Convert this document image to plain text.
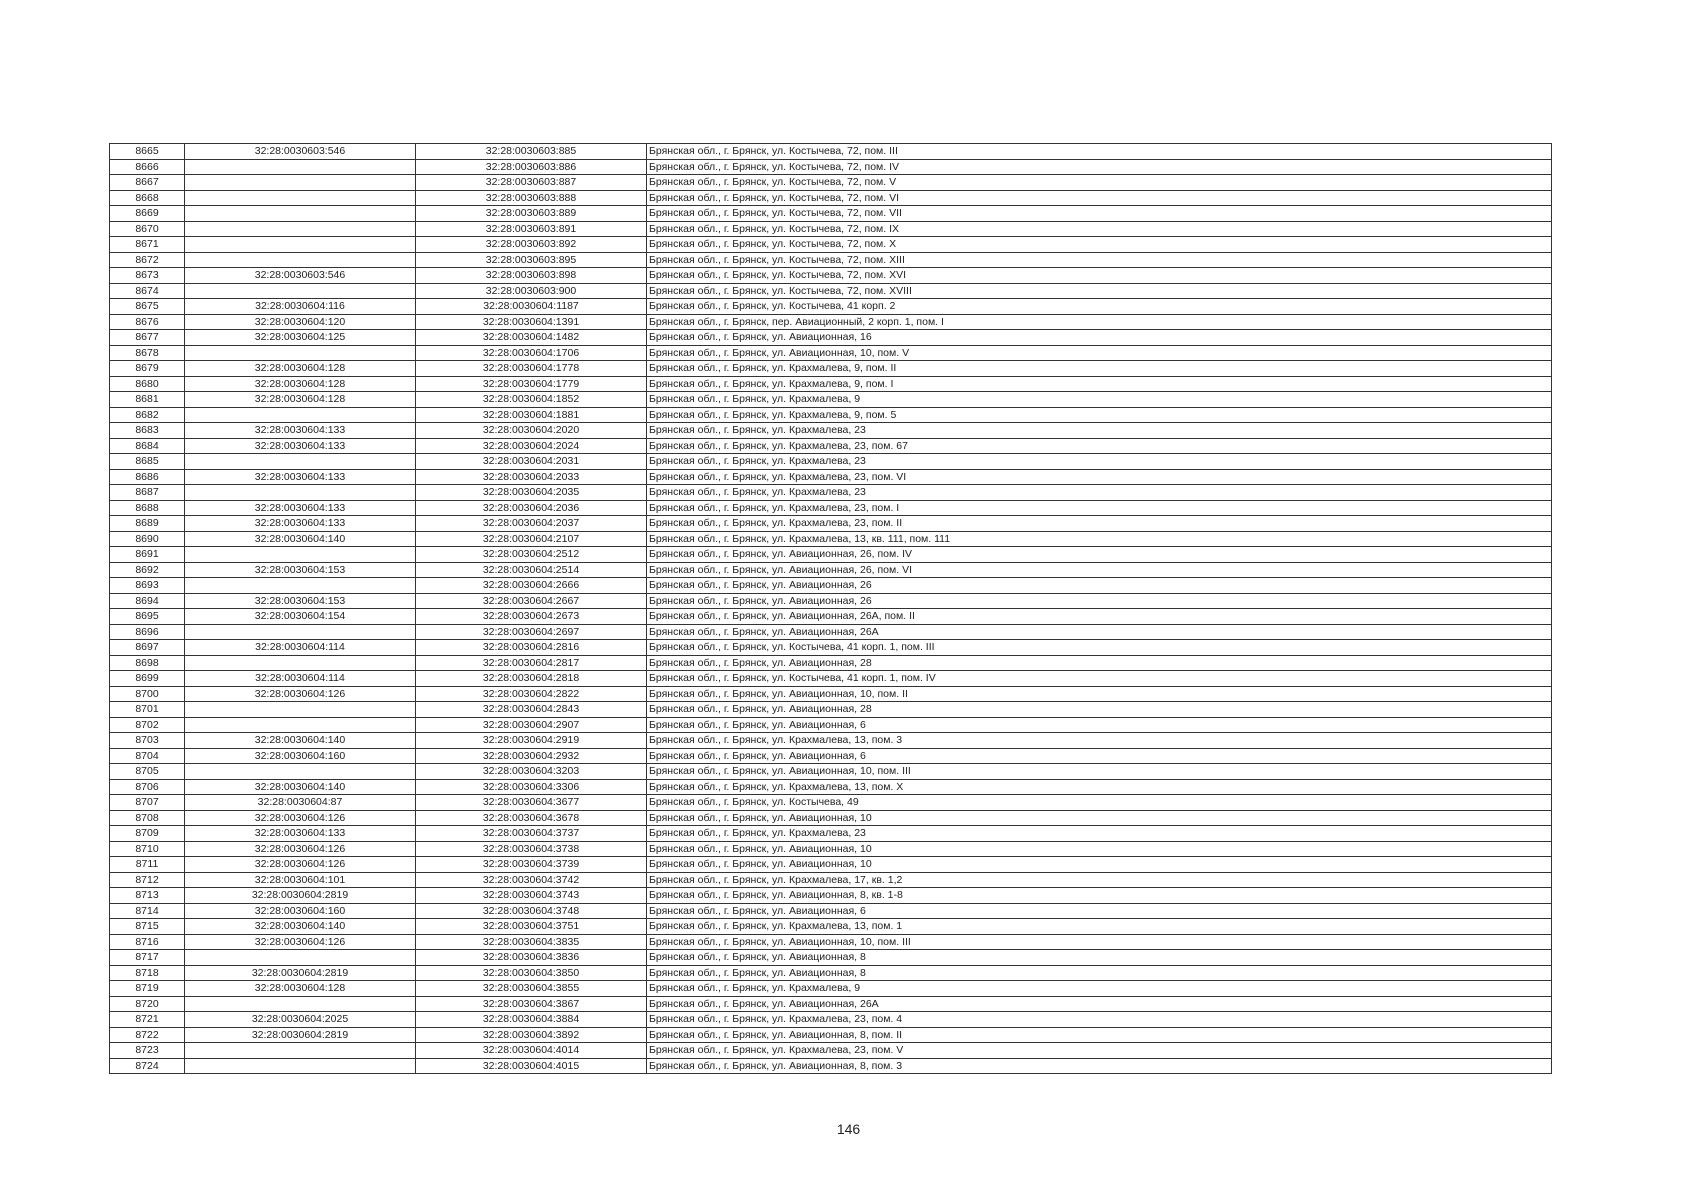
8665	32:28:0030603:546	32:28:0030603:885	Брянская обл., г. Брянск, ул. Костычева, 72, пом. III
8666		32:28:0030603:886	Брянская обл., г. Брянск, ул. Костычева, 72, пом. IV
8667		32:28:0030603:887	Брянская обл., г. Брянск, ул. Костычева, 72, пом. V
8668		32:28:0030603:888	Брянская обл., г. Брянск, ул. Костычева, 72, пом. VI
8669		32:28:0030603:889	Брянская обл., г. Брянск, ул. Костычева, 72, пом. VII
8670		32:28:0030603:891	Брянская обл., г. Брянск, ул. Костычева, 72, пом. IX
8671		32:28:0030603:892	Брянская обл., г. Брянск, ул. Костычева, 72, пом. X
8672		32:28:0030603:895	Брянская обл., г. Брянск, ул. Костычева, 72, пом. XIII
8673	32:28:0030603:546	32:28:0030603:898	Брянская обл., г. Брянск, ул. Костычева, 72, пом. XVI
8674		32:28:0030603:900	Брянская обл., г. Брянск, ул. Костычева, 72, пом. XVIII
8675	32:28:0030604:116	32:28:0030604:1187	Брянская обл., г. Брянск, ул. Костычева, 41 корп. 2
8676	32:28:0030604:120	32:28:0030604:1391	Брянская обл., г. Брянск, пер. Авиационный, 2 корп. 1, пом. I
8677	32:28:0030604:125	32:28:0030604:1482	Брянская обл., г. Брянск, ул. Авиационная, 16
8678		32:28:0030604:1706	Брянская обл., г. Брянск, ул. Авиационная, 10, пом. V
8679	32:28:0030604:128	32:28:0030604:1778	Брянская обл., г. Брянск, ул. Крахмалева, 9, пом. II
8680	32:28:0030604:128	32:28:0030604:1779	Брянская обл., г. Брянск, ул. Крахмалева, 9, пом. I
8681	32:28:0030604:128	32:28:0030604:1852	Брянская обл., г. Брянск, ул. Крахмалева, 9
8682		32:28:0030604:1881	Брянская обл., г. Брянск, ул. Крахмалева, 9, пом. 5
8683	32:28:0030604:133	32:28:0030604:2020	Брянская обл., г. Брянск, ул. Крахмалева, 23
8684	32:28:0030604:133	32:28:0030604:2024	Брянская обл., г. Брянск, ул. Крахмалева, 23, пом. 67
8685		32:28:0030604:2031	Брянская обл., г. Брянск, ул. Крахмалева, 23
8686	32:28:0030604:133	32:28:0030604:2033	Брянская обл., г. Брянск, ул. Крахмалева, 23, пом. VI
8687		32:28:0030604:2035	Брянская обл., г. Брянск, ул. Крахмалева, 23
8688	32:28:0030604:133	32:28:0030604:2036	Брянская обл., г. Брянск, ул. Крахмалева, 23, пом. I
8689	32:28:0030604:133	32:28:0030604:2037	Брянская обл., г. Брянск, ул. Крахмалева, 23, пом. II
8690	32:28:0030604:140	32:28:0030604:2107	Брянская обл., г. Брянск, ул. Крахмалева, 13, кв. 111, пом. 111
8691		32:28:0030604:2512	Брянская обл., г. Брянск, ул. Авиационная, 26, пом. IV
8692	32:28:0030604:153	32:28:0030604:2514	Брянская обл., г. Брянск, ул. Авиационная, 26, пом. VI
8693		32:28:0030604:2666	Брянская обл., г. Брянск, ул. Авиационная, 26
8694	32:28:0030604:153	32:28:0030604:2667	Брянская обл., г. Брянск, ул. Авиационная, 26
8695	32:28:0030604:154	32:28:0030604:2673	Брянская обл., г. Брянск, ул. Авиационная, 26А, пом. II
8696		32:28:0030604:2697	Брянская обл., г. Брянск, ул. Авиационная, 26А
8697	32:28:0030604:114	32:28:0030604:2816	Брянская обл., г. Брянск, ул. Костычева, 41 корп. 1, пом. III
8698		32:28:0030604:2817	Брянская обл., г. Брянск, ул. Авиационная, 28
8699	32:28:0030604:114	32:28:0030604:2818	Брянская обл., г. Брянск, ул. Костычева, 41 корп. 1, пом. IV
8700	32:28:0030604:126	32:28:0030604:2822	Брянская обл., г. Брянск, ул. Авиационная, 10, пом. II
8701		32:28:0030604:2843	Брянская обл., г. Брянск, ул. Авиационная, 28
8702		32:28:0030604:2907	Брянская обл., г. Брянск, ул. Авиационная, 6
8703	32:28:0030604:140	32:28:0030604:2919	Брянская обл., г. Брянск, ул. Крахмалева, 13, пом. 3
8704	32:28:0030604:160	32:28:0030604:2932	Брянская обл., г. Брянск, ул. Авиационная, 6
8705		32:28:0030604:3203	Брянская обл., г. Брянск, ул. Авиационная, 10, пом. III
8706	32:28:0030604:140	32:28:0030604:3306	Брянская обл., г. Брянск, ул. Крахмалева, 13, пом. X
8707	32:28:0030604:87	32:28:0030604:3677	Брянская обл., г. Брянск, ул. Костычева, 49
8708	32:28:0030604:126	32:28:0030604:3678	Брянская обл., г. Брянск, ул. Авиационная, 10
8709	32:28:0030604:133	32:28:0030604:3737	Брянская обл., г. Брянск, ул. Крахмалева, 23
8710	32:28:0030604:126	32:28:0030604:3738	Брянская обл., г. Брянск, ул. Авиационная, 10
8711	32:28:0030604:126	32:28:0030604:3739	Брянская обл., г. Брянск, ул. Авиационная, 10
8712	32:28:0030604:101	32:28:0030604:3742	Брянская обл., г. Брянск, ул. Крахмалева, 17, кв. 1,2
8713	32:28:0030604:2819	32:28:0030604:3743	Брянская обл., г. Брянск, ул. Авиационная, 8, кв. 1-8
8714	32:28:0030604:160	32:28:0030604:3748	Брянская обл., г. Брянск, ул. Авиационная, 6
8715	32:28:0030604:140	32:28:0030604:3751	Брянская обл., г. Брянск, ул. Крахмалева, 13, пом. 1
8716	32:28:0030604:126	32:28:0030604:3835	Брянская обл., г. Брянск, ул. Авиационная, 10, пом. III
8717		32:28:0030604:3836	Брянская обл., г. Брянск, ул. Авиационная, 8
8718	32:28:0030604:2819	32:28:0030604:3850	Брянская обл., г. Брянск, ул. Авиационная, 8
8719	32:28:0030604:128	32:28:0030604:3855	Брянская обл., г. Брянск, ул. Крахмалева, 9
8720		32:28:0030604:3867	Брянская обл., г. Брянск, ул. Авиационная, 26А
8721	32:28:0030604:2025	32:28:0030604:3884	Брянская обл., г. Брянск, ул. Крахмалева, 23, пом. 4
8722	32:28:0030604:2819	32:28:0030604:3892	Брянская обл., г. Брянск, ул. Авиационная, 8, пом. II
8723		32:28:0030604:4014	Брянская обл., г. Брянск, ул. Крахмалева, 23, пом. V
8724		32:28:0030604:4015	Брянская обл., г. Брянск, ул. Авиационная, 8, пом. 3
146
